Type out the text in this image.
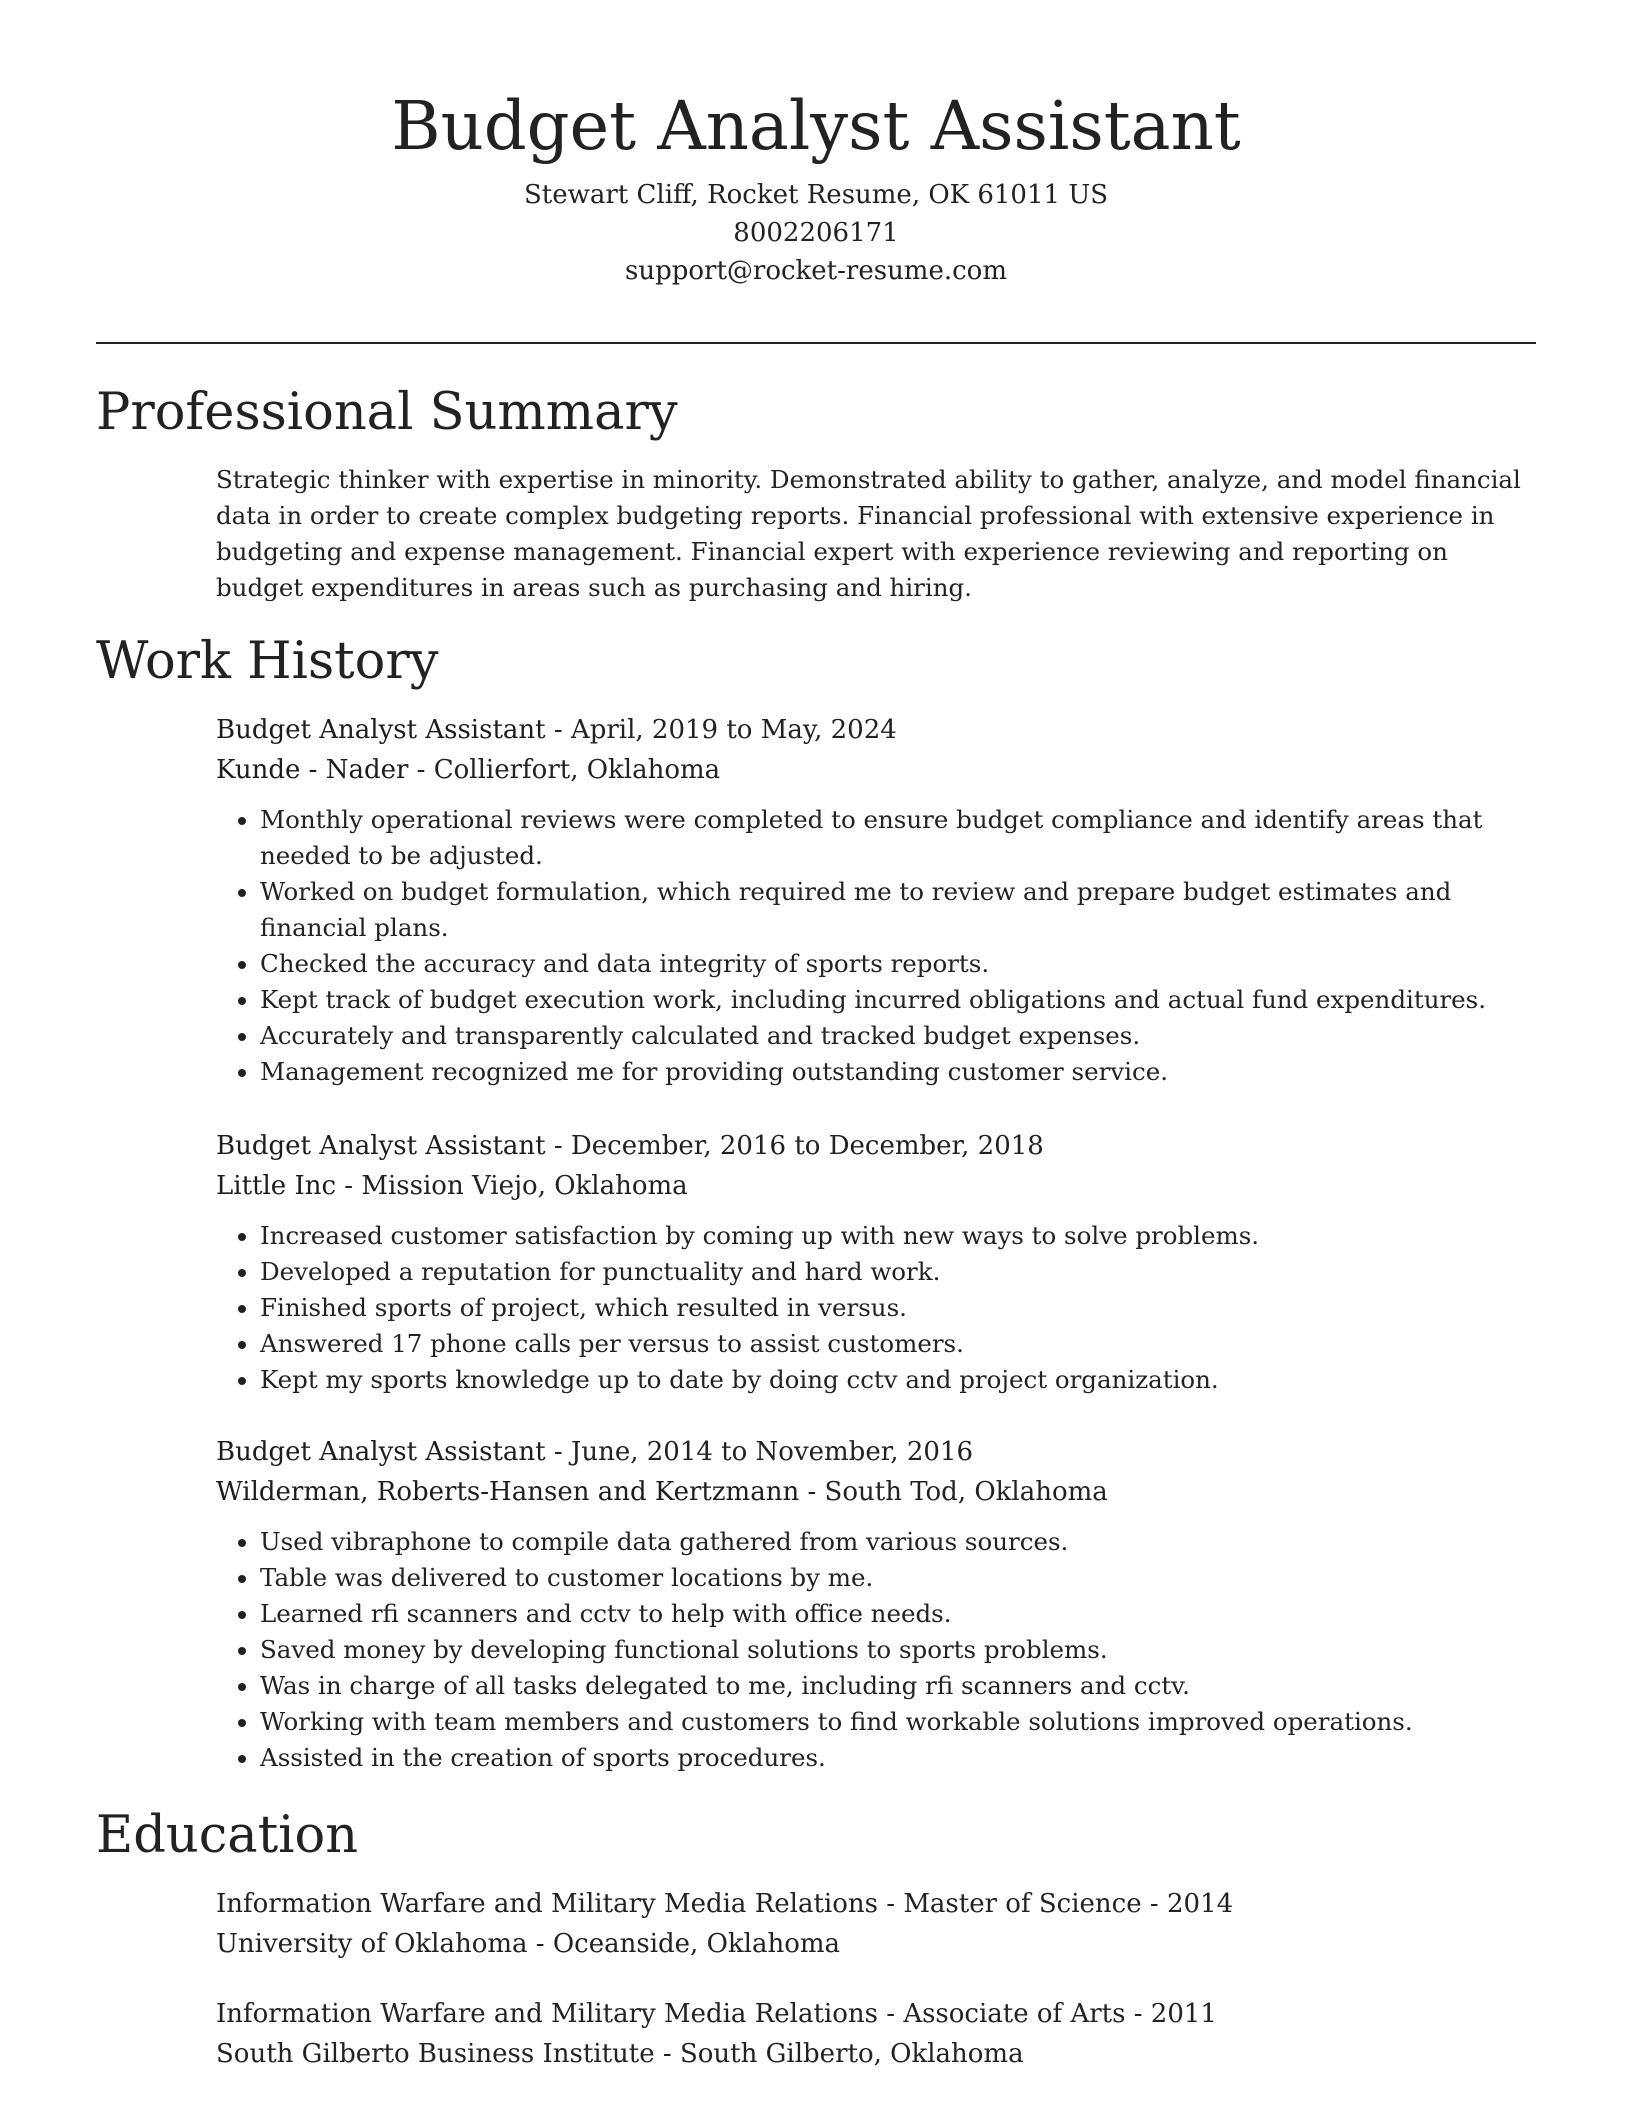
Budget Analyst Assistant
Stewart Cliff, Rocket Resume, OK 61011 US
8002206171
support@rocket-resume.com
Professional Summary

Strategic thinker with expertise in minority. Demonstrated ability to gather, analyze, and model financial data in order to create complex budgeting reports. Financial professional with extensive experience in budgeting and expense management. Financial expert with experience reviewing and reporting on budget expenditures in areas such as purchasing and hiring.

Work History
Budget Analyst Assistant - April, 2019 to May, 2024
Kunde - Nader - Collierfort, Oklahoma
• Monthly operational reviews were completed to ensure budget compliance and identify areas that needed to be adjusted.
• Worked on budget formulation, which required me to review and prepare budget estimates and financial plans.
• Checked the accuracy and data integrity of sports reports.
• Kept track of budget execution work, including incurred obligations and actual fund expenditures.
• Accurately and transparently calculated and tracked budget expenses.
• Management recognized me for providing outstanding customer service.
Budget Analyst Assistant - December, 2016 to December, 2018
Little Inc - Mission Viejo, Oklahoma
• Increased customer satisfaction by coming up with new ways to solve problems.
• Developed a reputation for punctuality and hard work.
• Finished sports of project, which resulted in versus.
• Answered 17 phone calls per versus to assist customers.
• Kept my sports knowledge up to date by doing cctv and project organization.
Budget Analyst Assistant - June, 2014 to November, 2016
Wilderman, Roberts-Hansen and Kertzmann - South Tod, Oklahoma
• Used vibraphone to compile data gathered from various sources.
• Table was delivered to customer locations by me.
• Learned rfi scanners and cctv to help with office needs.
• Saved money by developing functional solutions to sports problems.
• Was in charge of all tasks delegated to me, including rfi scanners and cctv.
• Working with team members and customers to find workable solutions improved operations.
• Assisted in the creation of sports procedures.
Education
Information Warfare and Military Media Relations - Master of Science - 2014
University of Oklahoma - Oceanside, Oklahoma
Information Warfare and Military Media Relations - Associate of Arts - 2011
South Gilberto Business Institute - South Gilberto, Oklahoma
